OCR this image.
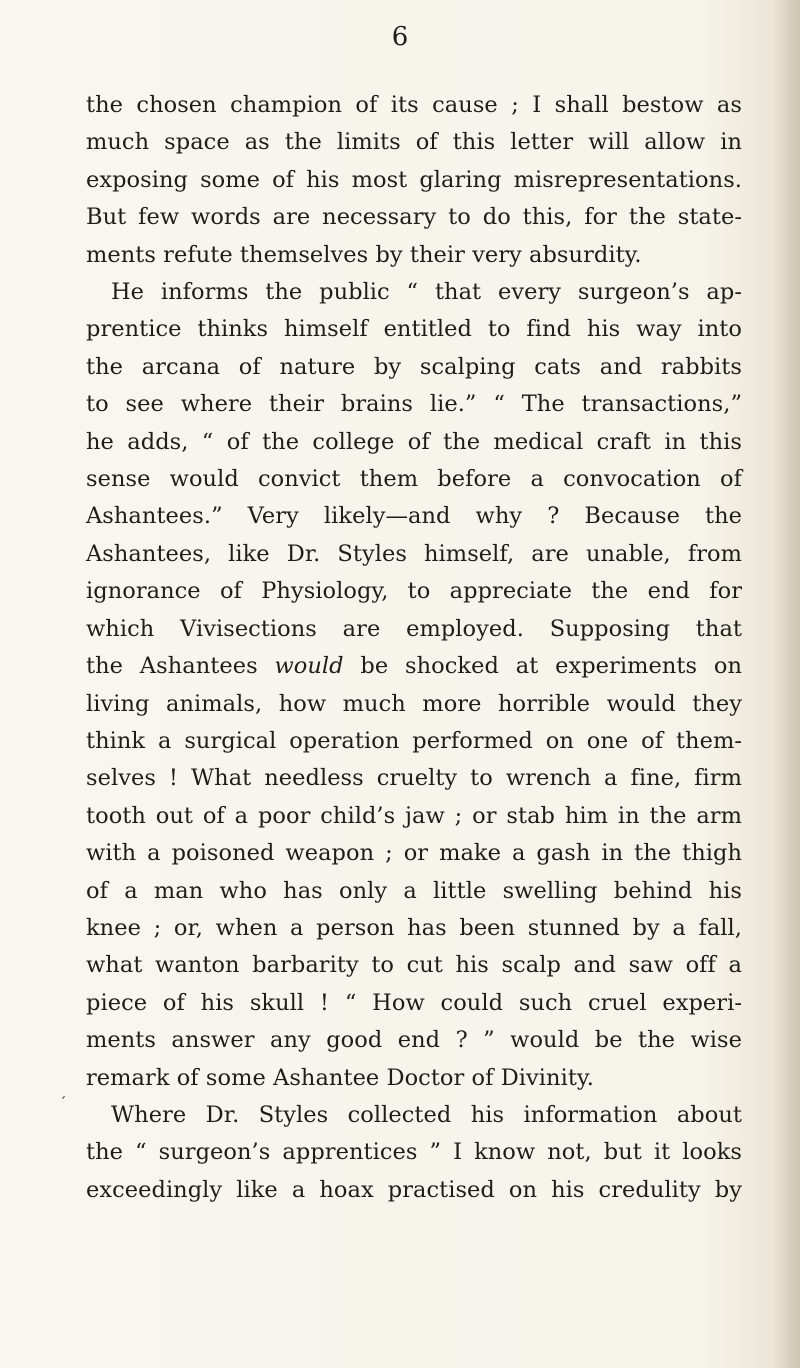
6
the chosen champion of its cause ; I shall bestow as
much space as the limits of this letter will allow in
exposing some of his most glaring misrepresentations.
But few words are necessary to do this, for the state-
ments refute themselves by their very absurdity.
He informs the public “ that every surgeon’s ap-
prentice thinks himself entitled to find his way into
the arcana of nature by scalping cats and rabbits
to see where their brains lie.” “ The transactions,”
he adds, “ of the college of the medical craft in this
sense would convict them before a convocation of
Ashantees.” Very likely—and why ? Because the
Ashantees, like Dr. Styles himself, are unable, from
ignorance of Physiology, to appreciate the end for
which Vivisections are employed. Supposing that
the Ashantees would be shocked at experiments on
living animals, how much more horrible would they
think a surgical operation performed on one of them-
selves ! What needless cruelty to wrench a fine, firm
tooth out of a poor child’s jaw ; or stab him in the arm
with a poisoned weapon ; or make a gash in the thigh
of a man who has only a little swelling behind his
knee ; or, when a person has been stunned by a fall,
what wanton barbarity to cut his scalp and saw off a
piece of his skull ! “ How could such cruel experi-
ments answer any good end ? ” would be the wise
remark of some Ashantee Doctor of Divinity.
Where Dr. Styles collected his information about
the “ surgeon’s apprentices ” I know not, but it looks
exceedingly like a hoax practised on his credulity by
´
